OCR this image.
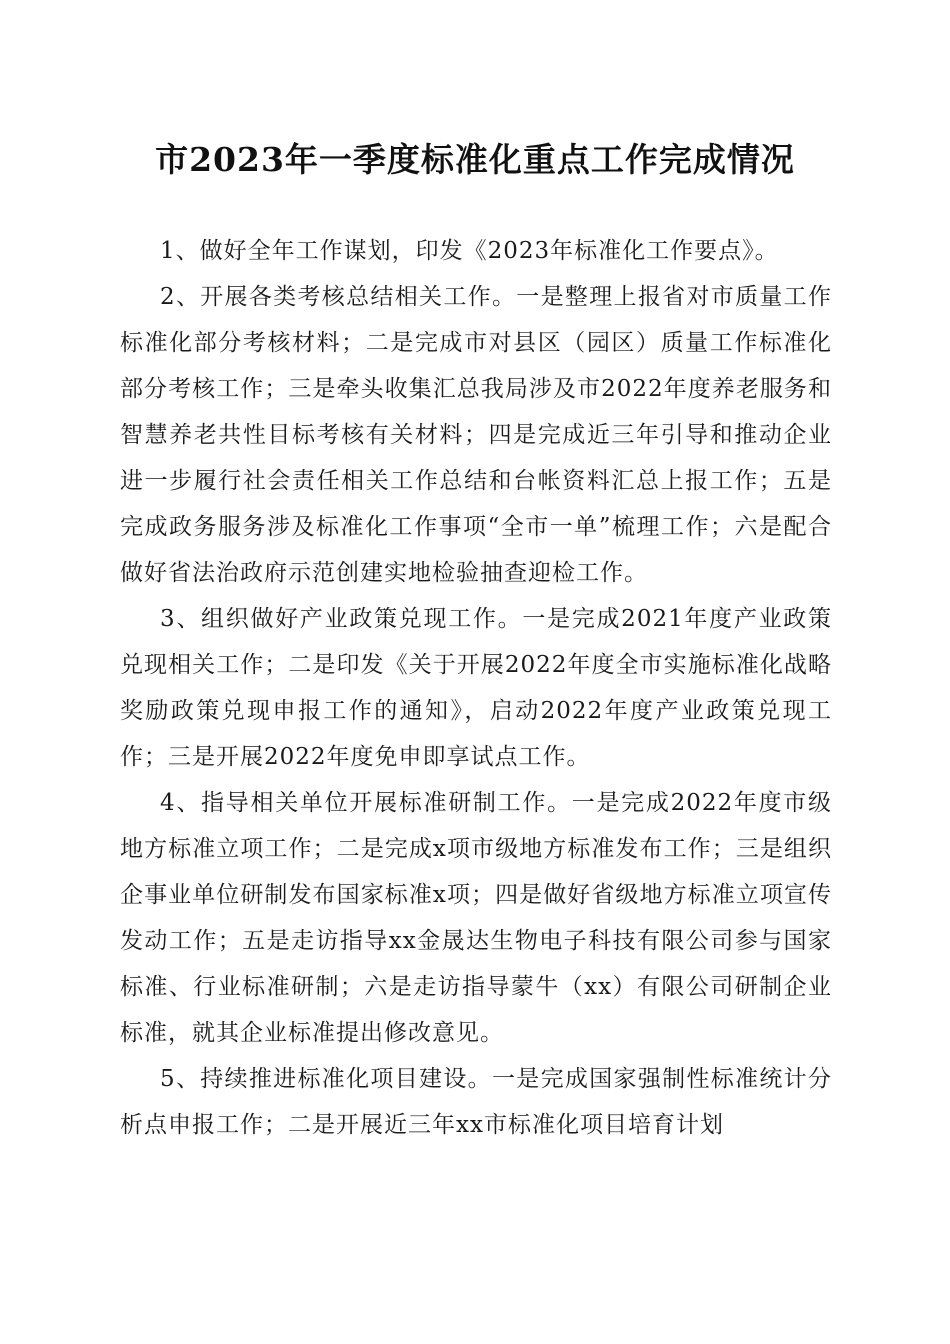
市2023年一季度标准化重点工作完成情况

1、做好全年工作谋划，印发《2023年标准化工作要点》。

2、开展各类考核总结相关工作。一是整理上报省对市质量工作标准化部分考核材料；二是完成市对县区（园区）质量工作标准化部分考核工作；三是牵头收集汇总我局涉及市2022年度养老服务和智慧养老共性目标考核有关材料；四是完成近三年引导和推动企业进一步履行社会责任相关工作总结和台帐资料汇总上报工作；五是完成政务服务涉及标准化工作事项“全市一单”梳理工作；六是配合做好省法治政府示范创建实地检验抽查迎检工作。

3、组织做好产业政策兑现工作。一是完成2021年度产业政策兑现相关工作；二是印发《关于开展2022年度全市实施标准化战略奖励政策兑现申报工作的通知》，启动2022年度产业政策兑现工作；三是开展2022年度免申即享试点工作。

4、指导相关单位开展标准研制工作。一是完成2022年度市级地方标准立项工作；二是完成x项市级地方标准发布工作；三是组织企事业单位研制发布国家标准x项；四是做好省级地方标准立项宣传发动工作；五是走访指导xx金晟达生物电子科技有限公司参与国家标准、行业标准研制；六是走访指导蒙牛（xx）有限公司研制企业标准，就其企业标准提出修改意见。

5、持续推进标准化项目建设。一是完成国家强制性标准统计分析点申报工作；二是开展近三年xx市标准化项目培育计划
